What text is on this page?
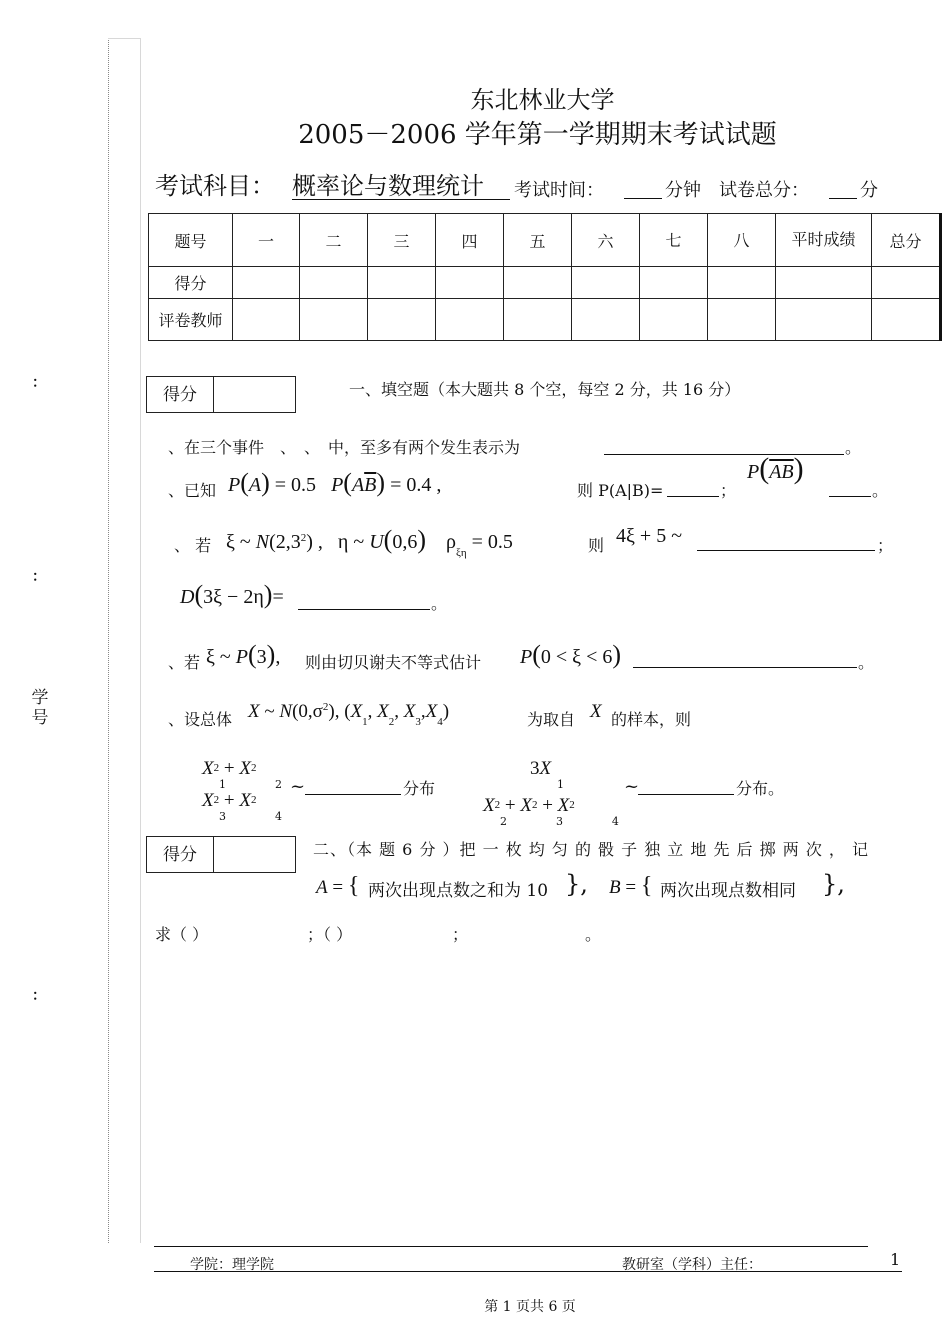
：
：
学号
：
东北林业大学
2005－2006 学年第一学期期末考试试题
考试科目： 概率论与数理统计	考试时间：	分钟 试卷总分：	分
题号	一	二	三	四	五	六	七	八	平时成绩	总分
得分										
评卷教师										
得分	一、填空题（本大题共 8 个空，每空 2 分，共 16 分）
、在三个事件　、　、　中，至多有两个发生表示为	。
、已知 P(A) = 0.5   $P(A\overline{B}) = 0.4$ ,	则 P(A|B)=	；
$P(\overline{AB})$
。
、 若 ξ ~ $N(2,3^2)$ ,   η ~ U(0,6) $\rho_{\xi\eta} = 0.5$	则 4ξ + 5 ~	；
D(3ξ − 2η)=	。
、若 ξ ~ P(3), 则由切贝谢夫不等式估计 P(0 < ξ < 6)	。
、设总体 X ~ $N(0,\sigma^2)$, ($X_1$, $X_2$, $X_3,X_4$)	为取自 X 的样本，则
X2 + X2
1              2
X2 + X2
3              4
~	分布
3X
1
X2 + X2 + X2
2              3              4
~	分布。
得分	二、（本 题 6 分 ）把 一 枚 均 匀 的 骰 子 独 立 地 先 后 掷 两 次 ， 记
A = { 两次出现点数之和为 10 }, B = { 两次出现点数相同 },
求（ ）	；（ ）	；	。
学院：理学院	教研室（学科）主任：	1
第 1 页共 6 页
